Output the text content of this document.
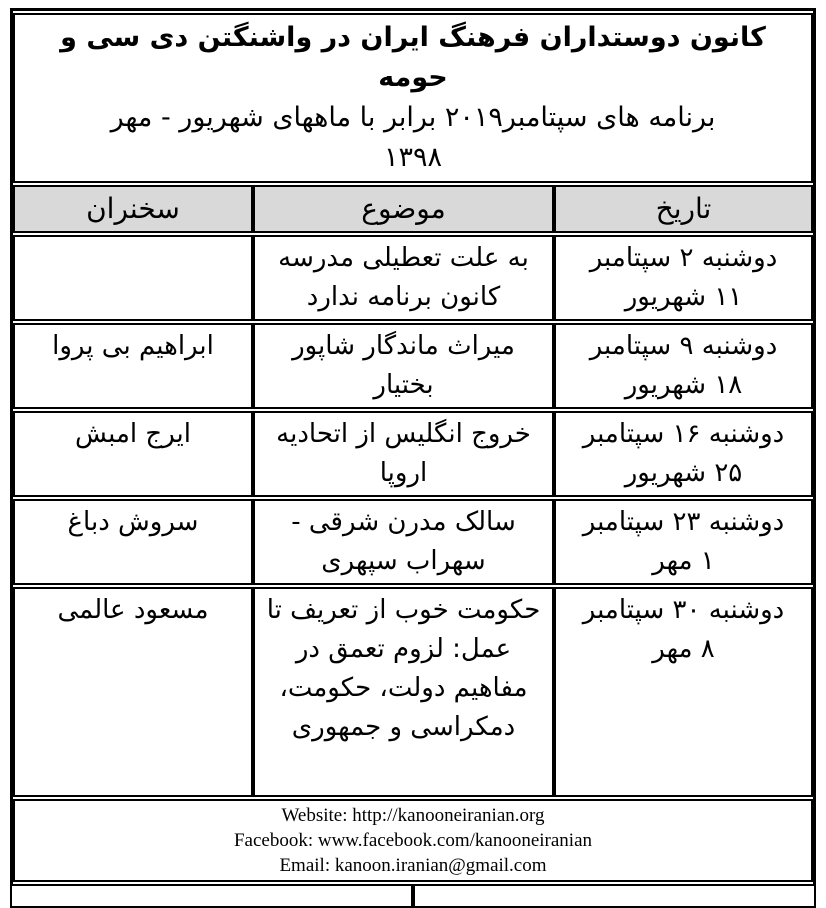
کانون دوستداران فرهنگ ایران در واشنگتن دی سی و حومه
برنامه های سپتامبر۲۰۱۹ برابر با ماههای شهریور - مهر
۱۳۹۸		

تاریخ	موضوع	سخنران

دوشنبه ۲ سپتامبر
۱۱ شهریور	به علت تعطیلی مدرسه کانون برنامه ندارد	

دوشنبه ۹ سپتامبر
۱۸ شهریور	میراث ماندگار شاپور بختیار	ابراهیم بی پروا

دوشنبه ۱۶ سپتامبر
۲۵ شهریور	خروج انگلیس از اتحادیه اروپا	ایرج امبش

دوشنبه ۲۳ سپتامبر
۱ مهر	سالک مدرن شرقی - سهراب سپهری	سروش دباغ

دوشنبه ۳۰ سپتامبر
۸ مهر	حکومت خوب از تعریف تا عمل: لزوم تعمق در مفاهیم دولت، حکومت، دمکراسی و جمهوری	مسعود عالمی

Website: http://kanooneiranian.org
Facebook: www.facebook.com/kanooneiranian
Email: kanoon.iranian@gmail.com		
